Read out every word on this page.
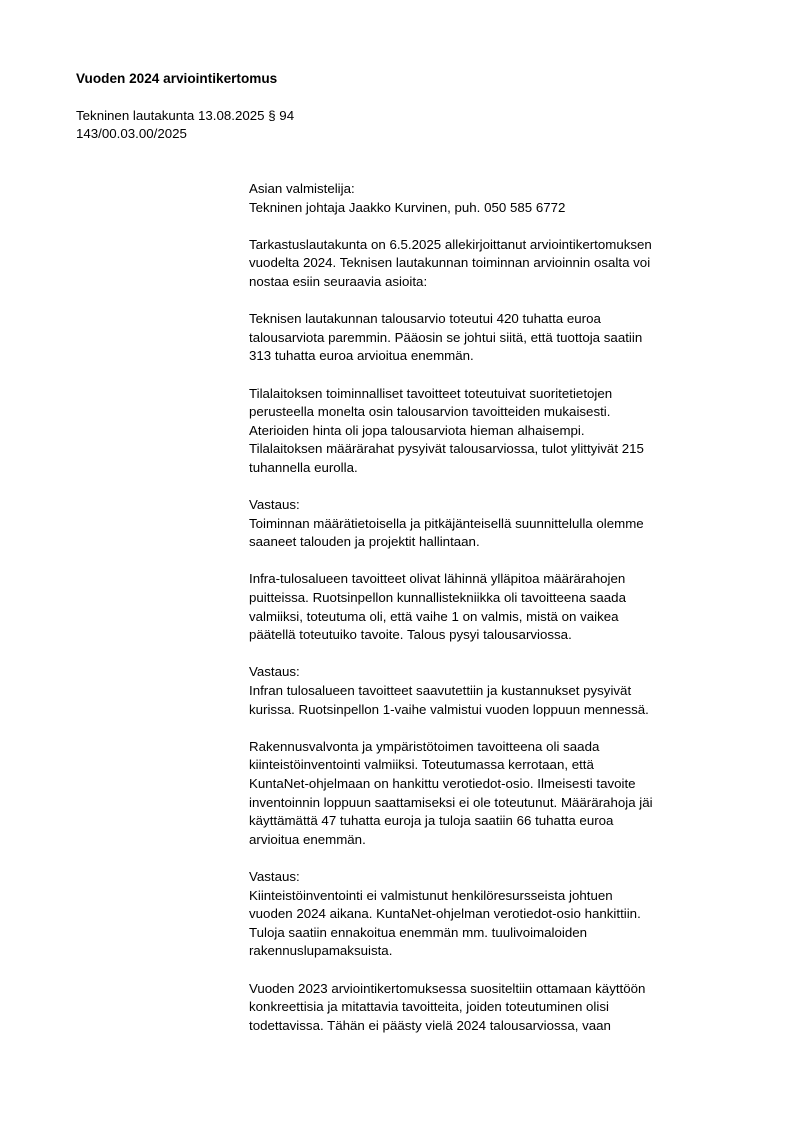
Vuoden 2024 arviointikertomus
Tekninen lautakunta 13.08.2025 § 94
143/00.03.00/2025
Asian valmistelija:
Tekninen johtaja Jaakko Kurvinen, puh. 050 585 6772
Tarkastuslautakunta on 6.5.2025 allekirjoittanut arviointikertomuksen
vuodelta 2024. Teknisen lautakunnan toiminnan arvioinnin osalta voi
nostaa esiin seuraavia asioita:
Teknisen lautakunnan talousarvio toteutui 420 tuhatta euroa
talousarviota paremmin. Pääosin se johtui siitä, että tuottoja saatiin
313 tuhatta euroa arvioitua enemmän.
Tilalaitoksen toiminnalliset tavoitteet toteutuivat suoritetietojen
perusteella monelta osin talousarvion tavoitteiden mukaisesti.
Aterioiden hinta oli jopa talousarviota hieman alhaisempi.
Tilalaitoksen määrärahat pysyivät talousarviossa, tulot ylittyivät 215
tuhannella eurolla.
Vastaus:
Toiminnan määrätietoisella ja pitkäjänteisellä suunnittelulla olemme
saaneet talouden ja projektit hallintaan.
Infra-tulosalueen tavoitteet olivat lähinnä ylläpitoa määrärahojen
puitteissa. Ruotsinpellon kunnallistekniikka oli tavoitteena saada
valmiiksi, toteutuma oli, että vaihe 1 on valmis, mistä on vaikea
päätellä toteutuiko tavoite. Talous pysyi talousarviossa.
Vastaus:
Infran tulosalueen tavoitteet saavutettiin ja kustannukset pysyivät
kurissa. Ruotsinpellon 1-vaihe valmistui vuoden loppuun mennessä.
Rakennusvalvonta ja ympäristötoimen tavoitteena oli saada
kiinteistöinventointi valmiiksi. Toteutumassa kerrotaan, että
KuntaNet-ohjelmaan on hankittu verotiedot-osio. Ilmeisesti tavoite
inventoinnin loppuun saattamiseksi ei ole toteutunut. Määrärahoja jäi
käyttämättä 47 tuhatta euroja ja tuloja saatiin 66 tuhatta euroa
arvioitua enemmän.
Vastaus:
Kiinteistöinventointi ei valmistunut henkilöresursseista johtuen
vuoden 2024 aikana. KuntaNet-ohjelman verotiedot-osio hankittiin.
Tuloja saatiin ennakoitua enemmän mm. tuulivoimaloiden
rakennuslupamaksuista.
Vuoden 2023 arviointikertomuksessa suositeltiin ottamaan käyttöön
konkreettisia ja mitattavia tavoitteita, joiden toteutuminen olisi
todettavissa. Tähän ei päästy vielä 2024 talousarviossa, vaan
